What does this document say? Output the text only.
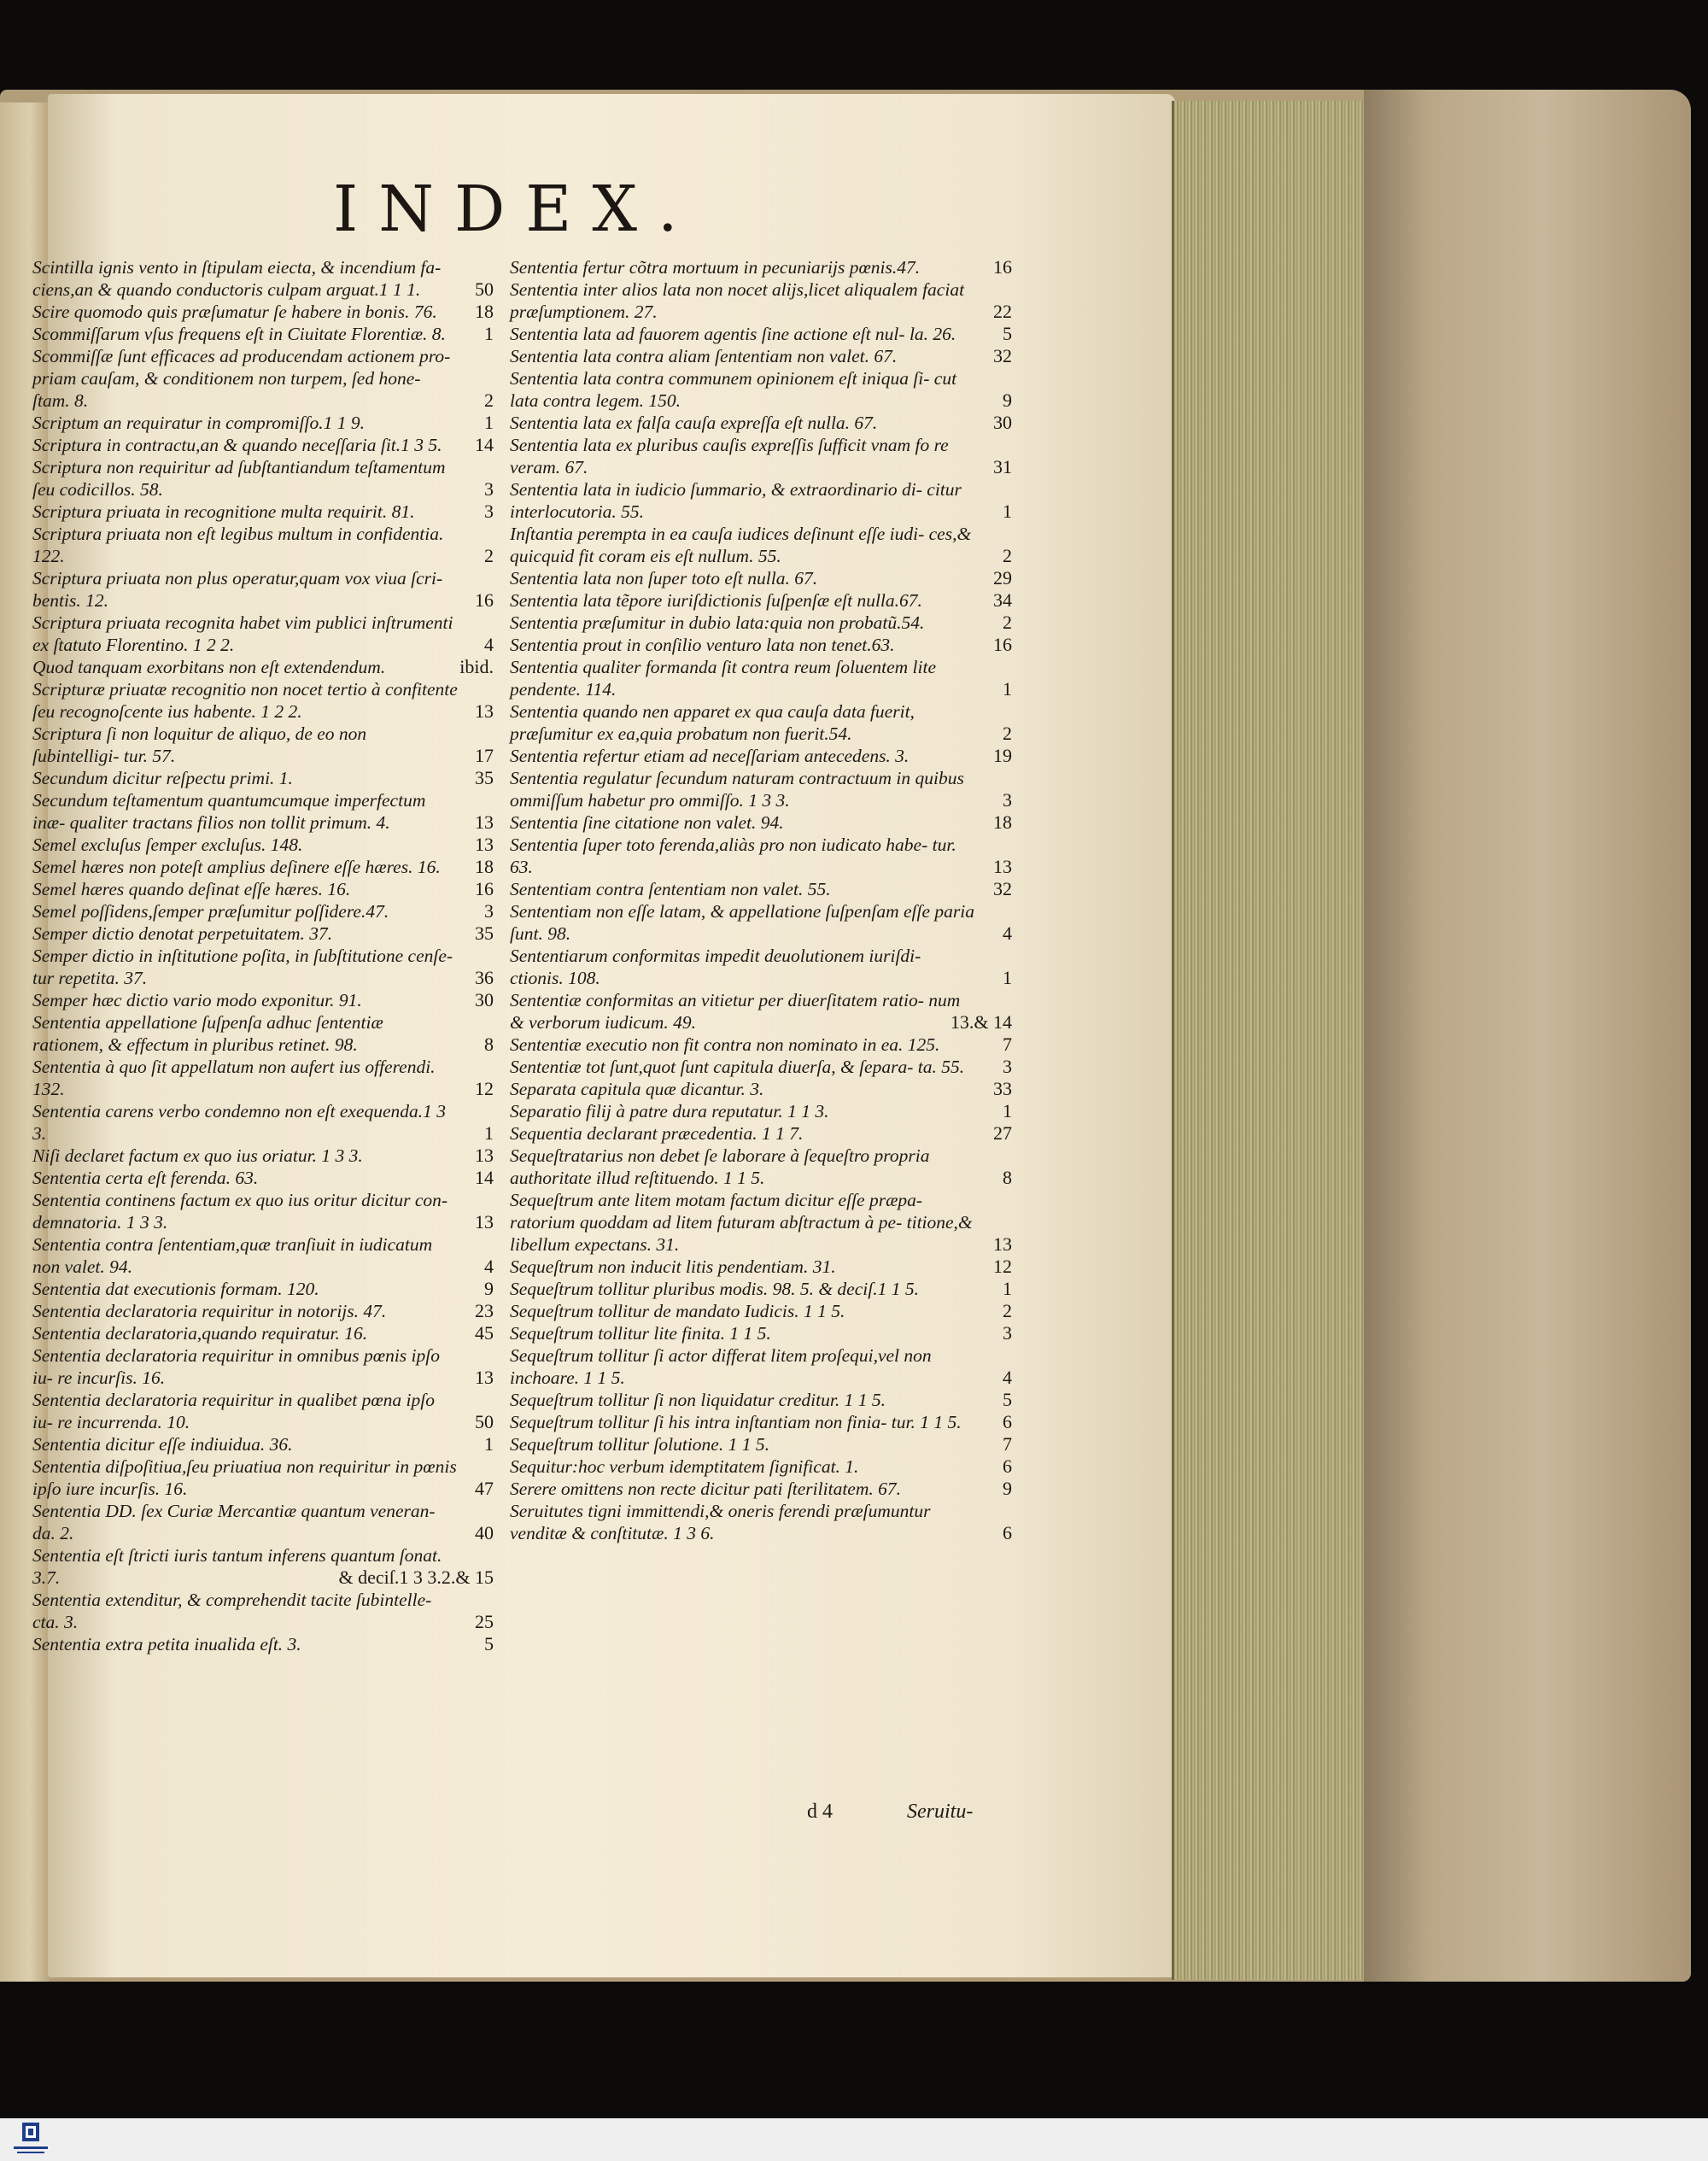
INDEX.
Scintilla ignis vento in ſtipulam eiecta, & incendium fa- ciens,an & quando conductoris culpam arguat.1 1 1.	50
Scire quomodo quis præſumatur ſe habere in bonis. 76.	18
Scommiſſarum vſus frequens eſt in Ciuitate Florentiæ. 8.	1
Scommiſſæ ſunt efficaces ad producendam actionem pro- priam cauſam, & conditionem non turpem, ſed hone- ſtam. 8.	2
Scriptum an requiratur in compromiſſo.1 1 9.	1
Scriptura in contractu,an & quando neceſſaria ſit.1 3 5.	14
Scriptura non requiritur ad ſubſtantiandum teſtamentum ſeu codicillos. 58.	3
Scriptura priuata in recognitione multa requirit. 81.	3
Scriptura priuata non eſt legibus multum in confidentia. 122.	2
Scriptura priuata non plus operatur,quam vox viua ſcri- bentis. 12.	16
Scriptura priuata recognita habet vim publici inſtrumenti ex ſtatuto Florentino. 1 2 2.	4
Quod tanquam exorbitans non eſt extendendum.	ibid.
Scripturæ priuatæ recognitio non nocet tertio à confitente ſeu recognoſcente ius habente. 1 2 2.	13
Scriptura ſi non loquitur de aliquo, de eo non ſubintelligi- tur. 57.	17
Secundum dicitur reſpectu primi. 1.	35
Secundum teſtamentum quantumcumque imperfectum inæ- qualiter tractans filios non tollit primum. 4.	13
Semel excluſus ſemper excluſus. 148.	13
Semel hæres non poteſt amplius deſinere eſſe hæres. 16.	18
Semel hæres quando deſinat eſſe hæres. 16.	16
Semel poſſidens,ſemper præſumitur poſſidere.47.	3
Semper dictio denotat perpetuitatem. 37.	35
Semper dictio in inſtitutione poſita, in ſubſtitutione cenſe- tur repetita. 37.	36
Semper hæc dictio vario modo exponitur. 91.	30
Sententia appellatione ſuſpenſa adhuc ſententiæ rationem, & effectum in pluribus retinet. 98.	8
Sententia à quo ſit appellatum non aufert ius offerendi. 132.	12
Sententia carens verbo condemno non eſt exequenda.1 3 3.	1
Niſi declaret factum ex quo ius oriatur. 1 3 3.	13
Sententia certa eſt ferenda. 63.	14
Sententia continens factum ex quo ius oritur dicitur con- demnatoria. 1 3 3.	13
Sententia contra ſententiam,quæ tranſiuit in iudicatum non valet. 94.	4
Sententia dat executionis formam. 120.	9
Sententia declaratoria requiritur in notorijs. 47.	23
Sententia declaratoria,quando requiratur. 16.	45
Sententia declaratoria requiritur in omnibus pœnis ipſo iu- re incurſis. 16.	13
Sententia declaratoria requiritur in qualibet pœna ipſo iu- re incurrenda. 10.	50
Sententia dicitur eſſe indiuidua. 36.	1
Sententia diſpoſitiua,ſeu priuatiua non requiritur in pœnis ipſo iure incurſis. 16.	47
Sententia DD. ſex Curiæ Mercantiæ quantum veneran- da. 2.	40
Sententia eſt ſtricti iuris tantum inferens quantum ſonat. 3.7.	& deciſ.1 3 3.2.& 15
Sententia extenditur, & comprehendit tacite ſubintelle- cta. 3.	25
Sententia extra petita inualida eſt. 3.	5
Sententia fertur cõtra mortuum in pecuniarijs pœnis.47.	16
Sententia inter alios lata non nocet alijs,licet aliqualem faciat præſumptionem. 27.	22
Sententia lata ad fauorem agentis ſine actione eſt nul- la. 26.	5
Sententia lata contra aliam ſententiam non valet. 67.	32
Sententia lata contra communem opinionem eſt iniqua ſi- cut lata contra legem. 150.	9
Sententia lata ex falſa cauſa expreſſa eſt nulla. 67.	30
Sententia lata ex pluribus cauſis expreſſis ſufficit vnam fo re veram. 67.	31
Sententia lata in iudicio ſummario, & extraordinario di- citur interlocutoria. 55.	1
Inſtantia perempta in ea cauſa iudices deſinunt eſſe iudi- ces,& quicquid fit coram eis eſt nullum. 55.	2
Sententia lata non ſuper toto eſt nulla. 67.	29
Sententia lata tẽpore iuriſdictionis ſuſpenſæ eſt nulla.67.	34
Sententia præſumitur in dubio lata:quia non probatũ.54.	2
Sententia prout in conſilio venturo lata non tenet.63.	16
Sententia qualiter formanda ſit contra reum ſoluentem lite pendente. 114.	1
Sententia quando nen apparet ex qua cauſa data fuerit, præſumitur ex ea,quia probatum non fuerit.54.	2
Sententia refertur etiam ad neceſſariam antecedens. 3.	19
Sententia regulatur ſecundum naturam contractuum in quibus ommiſſum habetur pro ommiſſo. 1 3 3.	3
Sententia ſine citatione non valet. 94.	18
Sententia ſuper toto ferenda,aliàs pro non iudicato habe- tur. 63.	13
Sententiam contra ſententiam non valet. 55.	32
Sententiam non eſſe latam, & appellatione ſuſpenſam eſſe paria ſunt. 98.	4
Sententiarum conformitas impedit deuolutionem iuriſdi- ctionis. 108.	1
Sententiæ conformitas an vitietur per diuerſitatem ratio- num & verborum iudicum. 49.	13.& 14
Sententiæ executio non fit contra non nominato in ea. 125.	7
Sententiæ tot ſunt,quot ſunt capitula diuerſa, & ſepara- ta. 55.	3
Separata capitula quæ dicantur. 3.	33
Separatio filij à patre dura reputatur. 1 1 3.	1
Sequentia declarant præcedentia. 1 1 7.	27
Sequeſtratarius non debet ſe laborare à ſequeſtro propria authoritate illud reſtituendo. 1 1 5.	8
Sequeſtrum ante litem motam factum dicitur eſſe præpa- ratorium quoddam ad litem futuram abſtractum à pe- titione,& libellum expectans. 31.	13
Sequeſtrum non inducit litis pendentiam. 31.	12
Sequeſtrum tollitur pluribus modis. 98. 5. & deciſ.1 1 5.	1
Sequeſtrum tollitur de mandato Iudicis. 1 1 5.	2
Sequeſtrum tollitur lite finita. 1 1 5.	3
Sequeſtrum tollitur ſi actor differat litem proſequi,vel non inchoare. 1 1 5.	4
Sequeſtrum tollitur ſi non liquidatur creditur. 1 1 5.	5
Sequeſtrum tollitur ſi his intra inſtantiam non finia- tur. 1 1 5.	6
Sequeſtrum tollitur ſolutione. 1 1 5.	7
Sequitur:hoc verbum idemptitatem ſignificat. 1.	6
Serere omittens non recte dicitur pati ſterilitatem. 67.	9
Seruitutes tigni immittendi,& oneris ferendi præſumuntur venditæ & conſtitutæ. 1 3 6.	6
d 4	Seruitu-
